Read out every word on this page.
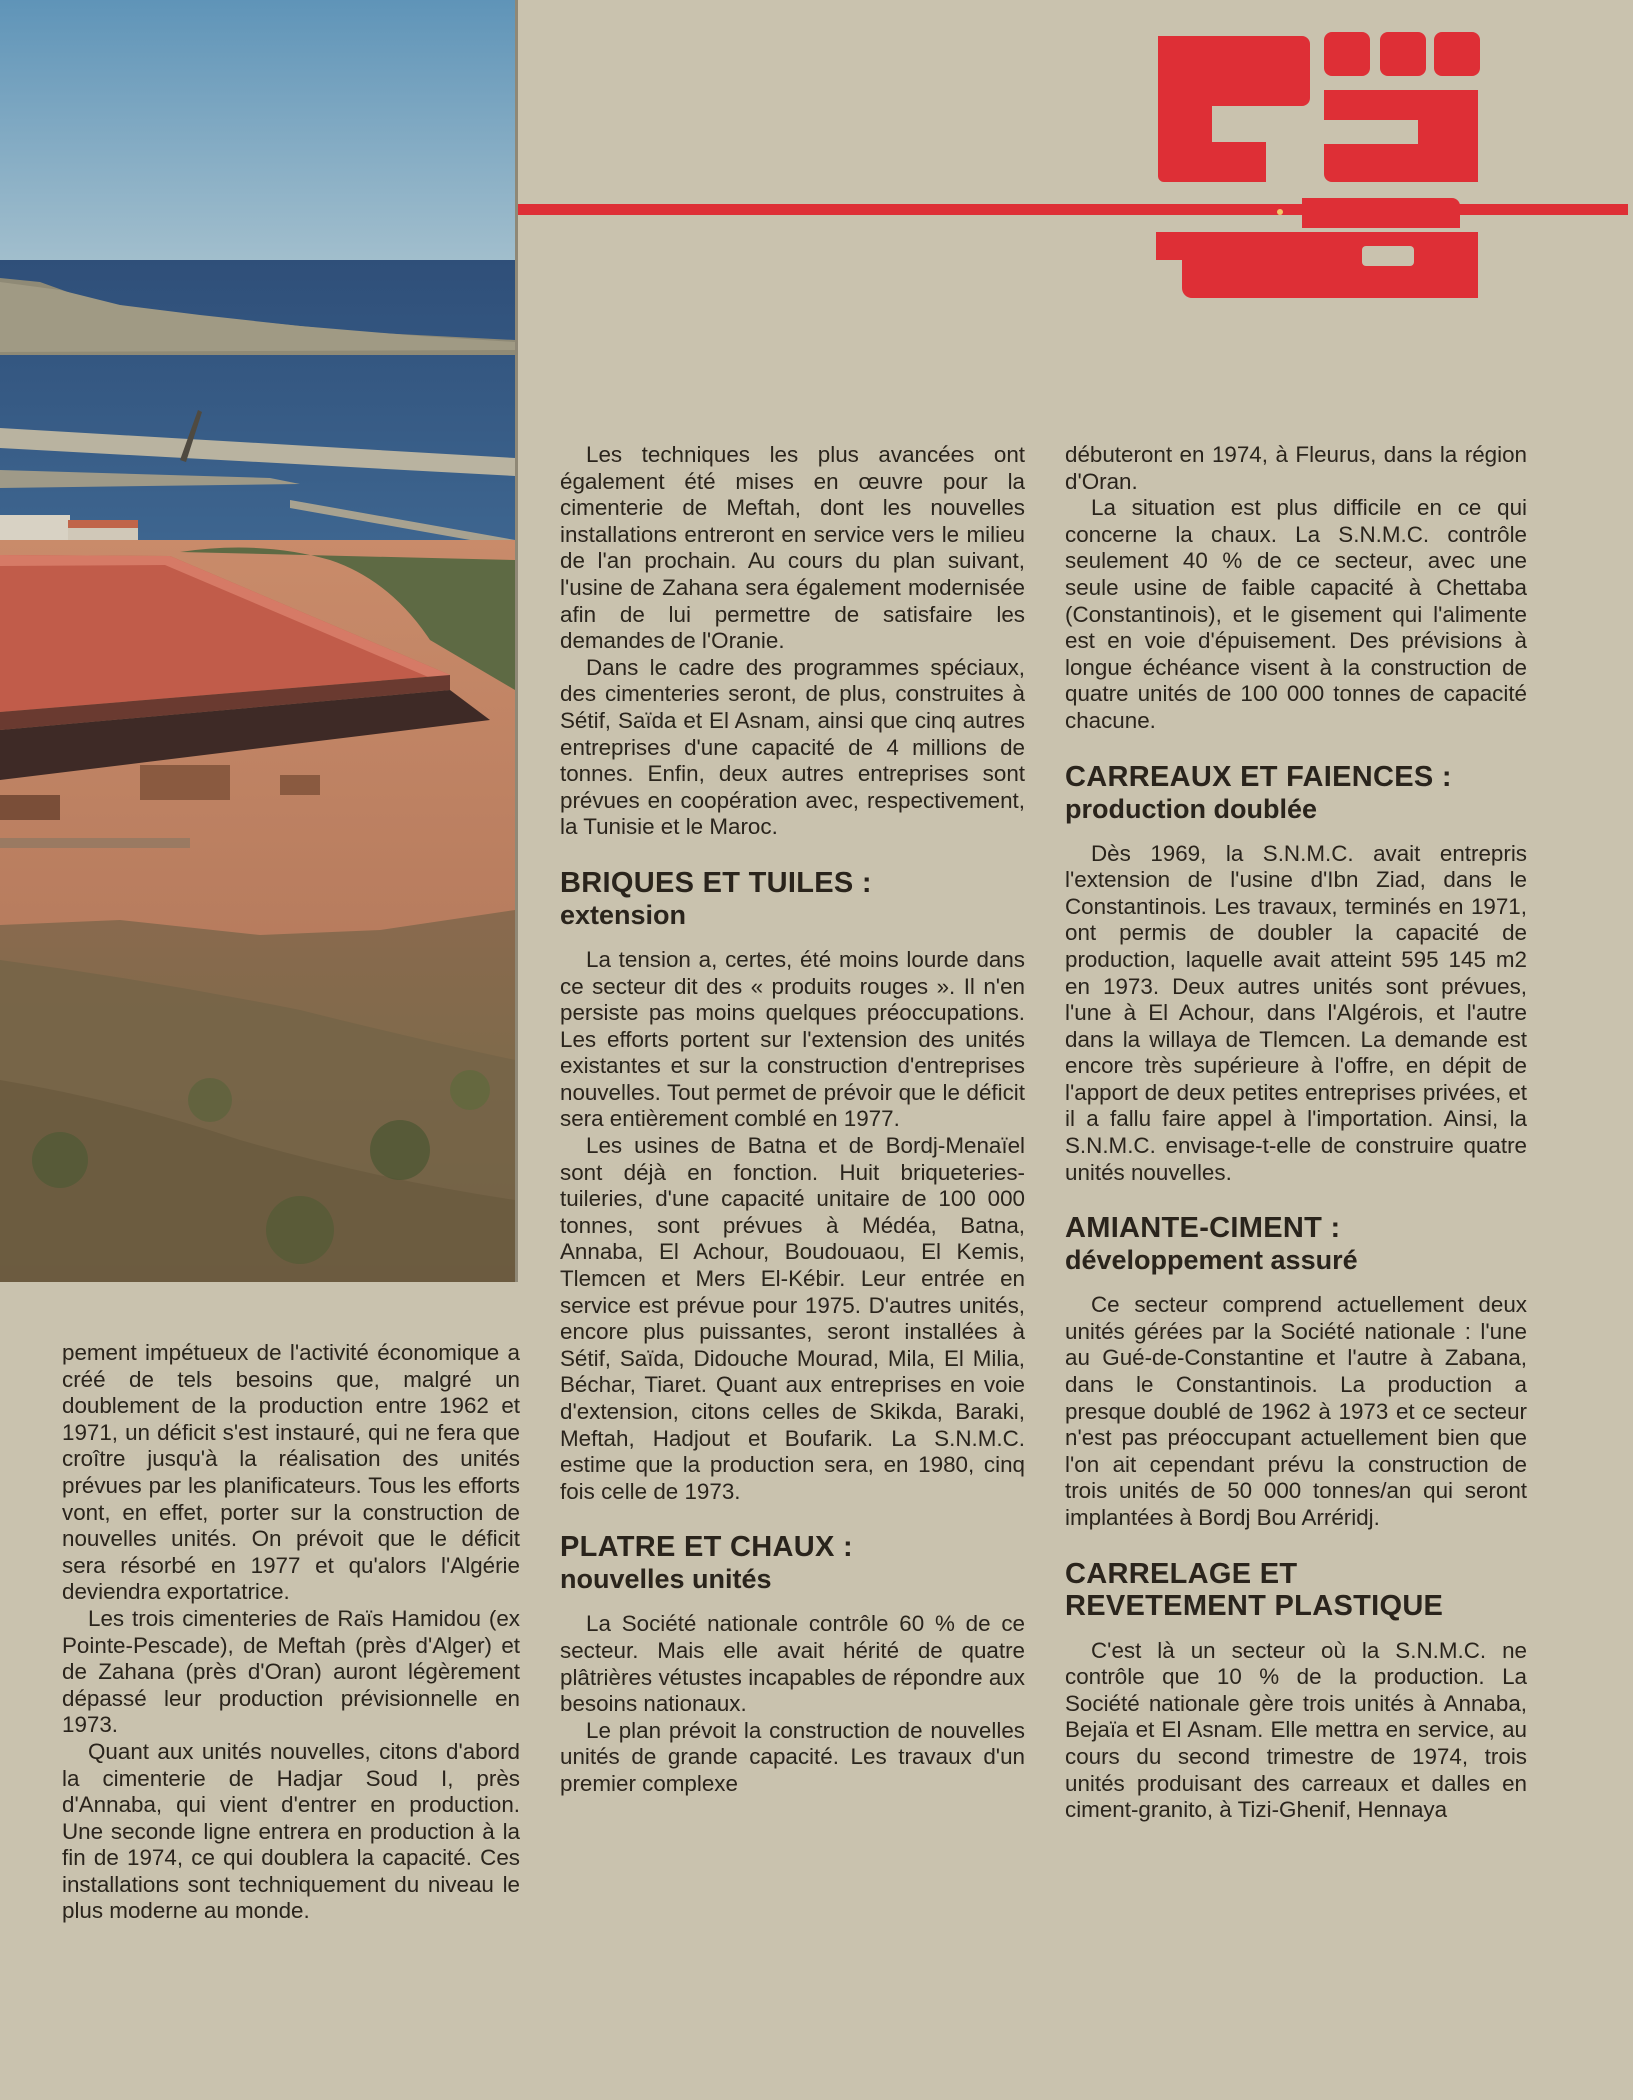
pement impétueux de l'activité économique a créé de tels besoins que, malgré un doublement de la production entre 1962 et 1971, un déficit s'est instauré, qui ne fera que croître jusqu'à la réalisation des unités prévues par les planificateurs. Tous les efforts vont, en effet, porter sur la construction de nouvelles unités. On prévoit que le déficit sera résorbé en 1977 et qu'alors l'Algérie deviendra exportatrice.

Les trois cimenteries de Raïs Hamidou (ex Pointe-Pescade), de Meftah (près d'Alger) et de Zahana (près d'Oran) auront légèrement dépassé leur production prévisionnelle en 1973.

Quant aux unités nouvelles, citons d'abord la cimenterie de Hadjar Soud I, près d'Annaba, qui vient d'entrer en production. Une seconde ligne entrera en production à la fin de 1974, ce qui doublera la capacité. Ces installations sont techniquement du niveau le plus moderne au monde.

Les techniques les plus avancées ont également été mises en œuvre pour la cimenterie de Meftah, dont les nouvelles installations entreront en service vers le milieu de l'an prochain. Au cours du plan suivant, l'usine de Zahana sera également modernisée afin de lui permettre de satisfaire les demandes de l'Oranie.

Dans le cadre des programmes spéciaux, des cimenteries seront, de plus, construites à Sétif, Saïda et El Asnam, ainsi que cinq autres entreprises d'une capacité de 4 millions de tonnes. Enfin, deux autres entreprises sont prévues en coopération avec, respectivement, la Tunisie et le Maroc.

BRIQUES ET TUILES :
extension

La tension a, certes, été moins lourde dans ce secteur dit des « produits rouges ». Il n'en persiste pas moins quelques préoccupations. Les efforts portent sur l'extension des unités existantes et sur la construction d'entreprises nouvelles. Tout permet de prévoir que le déficit sera entièrement comblé en 1977.

Les usines de Batna et de Bordj-Menaïel sont déjà en fonction. Huit briqueteries-tuileries, d'une capacité unitaire de 100 000 tonnes, sont prévues à Médéa, Batna, Annaba, El Achour, Boudouaou, El Kemis, Tlemcen et Mers El-Kébir. Leur entrée en service est prévue pour 1975. D'autres unités, encore plus puissantes, seront installées à Sétif, Saïda, Didouche Mourad, Mila, El Milia, Béchar, Tiaret. Quant aux entreprises en voie d'extension, citons celles de Skikda, Baraki, Meftah, Hadjout et Boufarik. La S.N.M.C. estime que la production sera, en 1980, cinq fois celle de 1973.

PLATRE ET CHAUX :
nouvelles unités

La Société nationale contrôle 60 % de ce secteur. Mais elle avait hérité de quatre plâtrières vétustes incapables de répondre aux besoins nationaux.

Le plan prévoit la construction de nouvelles unités de grande capacité. Les travaux d'un premier complexe

débuteront en 1974, à Fleurus, dans la région d'Oran.

La situation est plus difficile en ce qui concerne la chaux. La S.N.M.C. contrôle seulement 40 % de ce secteur, avec une seule usine de faible capacité à Chettaba (Constantinois), et le gisement qui l'alimente est en voie d'épuisement. Des prévisions à longue échéance visent à la construction de quatre unités de 100 000 tonnes de capacité chacune.

CARREAUX ET FAIENCES :
production doublée

Dès 1969, la S.N.M.C. avait entrepris l'extension de l'usine d'Ibn Ziad, dans le Constantinois. Les travaux, terminés en 1971, ont permis de doubler la capacité de production, laquelle avait atteint 595 145 m2 en 1973. Deux autres unités sont prévues, l'une à El Achour, dans l'Algérois, et l'autre dans la willaya de Tlemcen. La demande est encore très supérieure à l'offre, en dépit de l'apport de deux petites entreprises privées, et il a fallu faire appel à l'importation. Ainsi, la S.N.M.C. envisage-t-elle de construire quatre unités nouvelles.

AMIANTE-CIMENT :
développement assuré

Ce secteur comprend actuellement deux unités gérées par la Société nationale : l'une au Gué-de-Constantine et l'autre à Zabana, dans le Constantinois. La production a presque doublé de 1962 à 1973 et ce secteur n'est pas préoccupant actuellement bien que l'on ait cependant prévu la construction de trois unités de 50 000 tonnes/an qui seront implantées à Bordj Bou Arréridj.

CARRELAGE ET
REVETEMENT PLASTIQUE

C'est là un secteur où la S.N.M.C. ne contrôle que 10 % de la production. La Société nationale gère trois unités à Annaba, Bejaïa et El Asnam. Elle mettra en service, au cours du second trimestre de 1974, trois unités produisant des carreaux et dalles en ciment-granito, à Tizi-Ghenif, Hennaya
